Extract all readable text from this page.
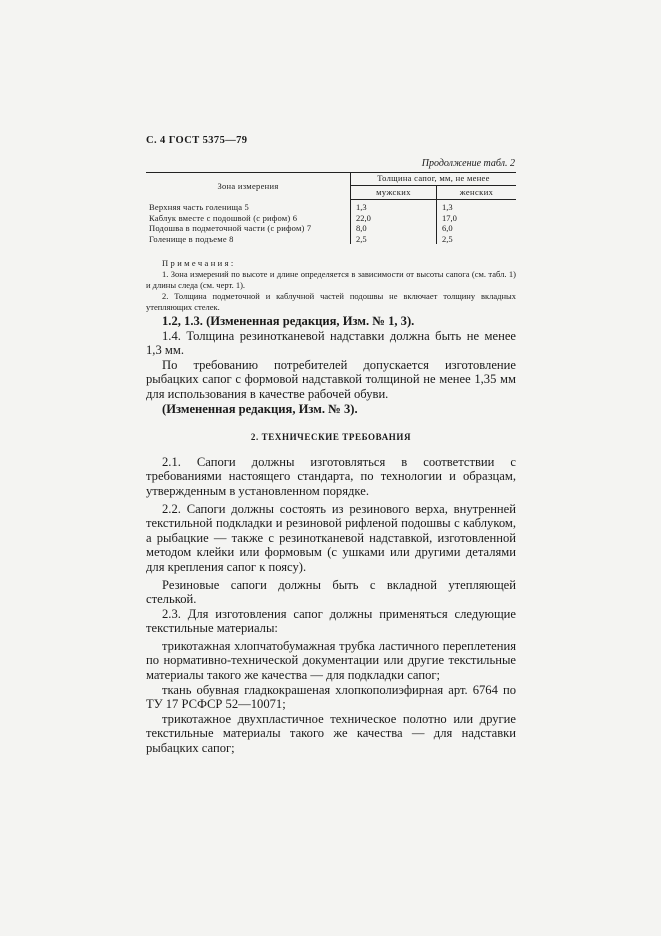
С. 4 ГОСТ 5375—79
Продолжение табл. 2
Зона измерения	Толщина сапог, мм, не менее	
	мужских	женских
Верхняя часть голенища 5	1,3	1,3
Каблук вместе с подошвой (с рифом) 6	22,0	17,0
Подошва в подметочной части (с рифом) 7	8,0	6,0
Голенище в подъеме 8	2,5	2,5
Примечания:

1. Зона измерений по высоте и длине определяется в зависимости от высоты сапога (см. табл. 1) и длины следа (см. черт. 1).

2. Толщина подметочной и каблучной частей подошвы не включает толщину вкладных утепляющих стелек.

1.2, 1.3. (Измененная редакция, Изм. № 1, 3).

1.4. Толщина резинотканевой надставки должна быть не менее 1,3 мм.

По требованию потребителей допускается изготовление рыбацких сапог с формовой надставкой толщиной не менее 1,35 мм для использования в качестве рабочей обуви.

(Измененная редакция, Изм. № 3).

2. ТЕХНИЧЕСКИЕ ТРЕБОВАНИЯ

2.1. Сапоги должны изготовляться в соответствии с требованиями настоящего стандарта, по технологии и образцам, утвержденным в установленном порядке.

2.2. Сапоги должны состоять из резинового верха, внутренней текстильной подкладки и резиновой рифленой подошвы с каблуком, а рыбацкие — также с резинотканевой надставкой, изготовленной методом клейки или формовым (с ушками или другими деталями для крепления сапог к поясу).

Резиновые сапоги должны быть с вкладной утепляющей стелькой.

2.3. Для изготовления сапог должны применяться следующие текстильные материалы:

трикотажная хлопчатобумажная трубка ластичного переплетения по нормативно-технической документации или другие текстильные материалы такого же качества — для подкладки сапог;

ткань обувная гладкокрашеная хлопкополиэфирная арт. 6764 по ТУ 17 РСФСР 52—10071;

трикотажное двухпластичное техническое полотно или другие текстильные материалы такого же качества — для надставки рыбацких сапог;
